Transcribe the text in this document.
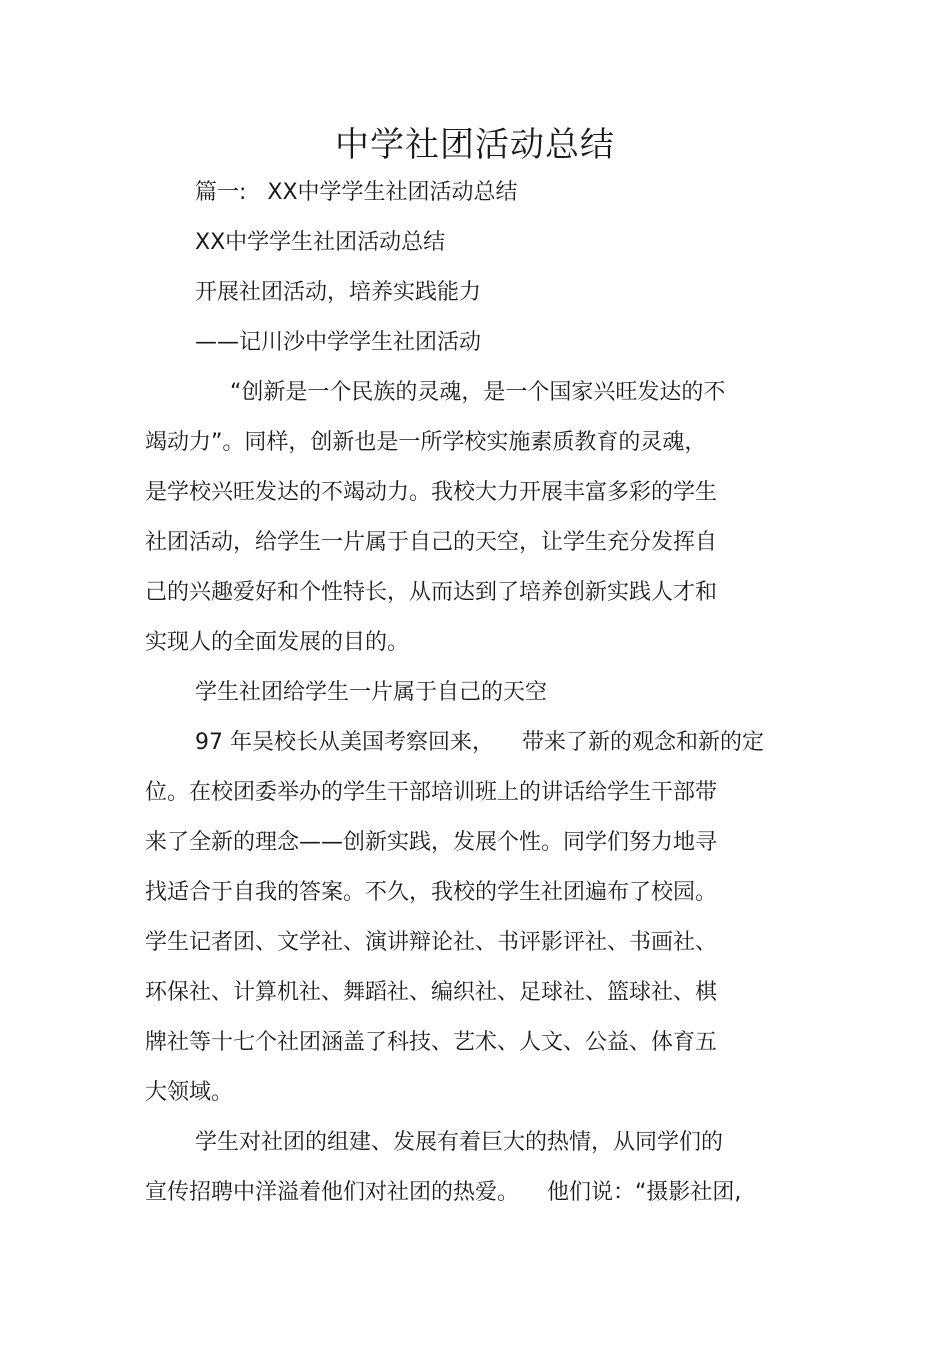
中学社团活动总结

篇一:   XX中学学生社团活动总结

XX中学学生社团活动总结

开展社团活动，培养实践能力

——记川沙中学学生社团活动

“创新是一个民族的灵魂，是一个国家兴旺发达的不

竭动力”。同样，创新也是一所学校实施素质教育的灵魂，

是学校兴旺发达的不竭动力。我校大力开展丰富多彩的学生

社团活动，给学生一片属于自己的天空，让学生充分发挥自

己的兴趣爱好和个性特长，从而达到了培养创新实践人才和

实现人的全面发展的目的。

学生社团给学生一片属于自己的天空

97 年吴校长从美国考察回来，    带来了新的观念和新的定

位。在校团委举办的学生干部培训班上的讲话给学生干部带

来了全新的理念——创新实践，发展个性。同学们努力地寻

找适合于自我的答案。不久，我校的学生社团遍布了校园。

学生记者团、文学社、演讲辩论社、书评影评社、书画社、

环保社、计算机社、舞蹈社、编织社、足球社、篮球社、棋

牌社等十七个社团涵盖了科技、艺术、人文、公益、体育五

大领域。

学生对社团的组建、发展有着巨大的热情，从同学们的

宣传招聘中洋溢着他们对社团的热爱。    他们说：“摄影社团,
